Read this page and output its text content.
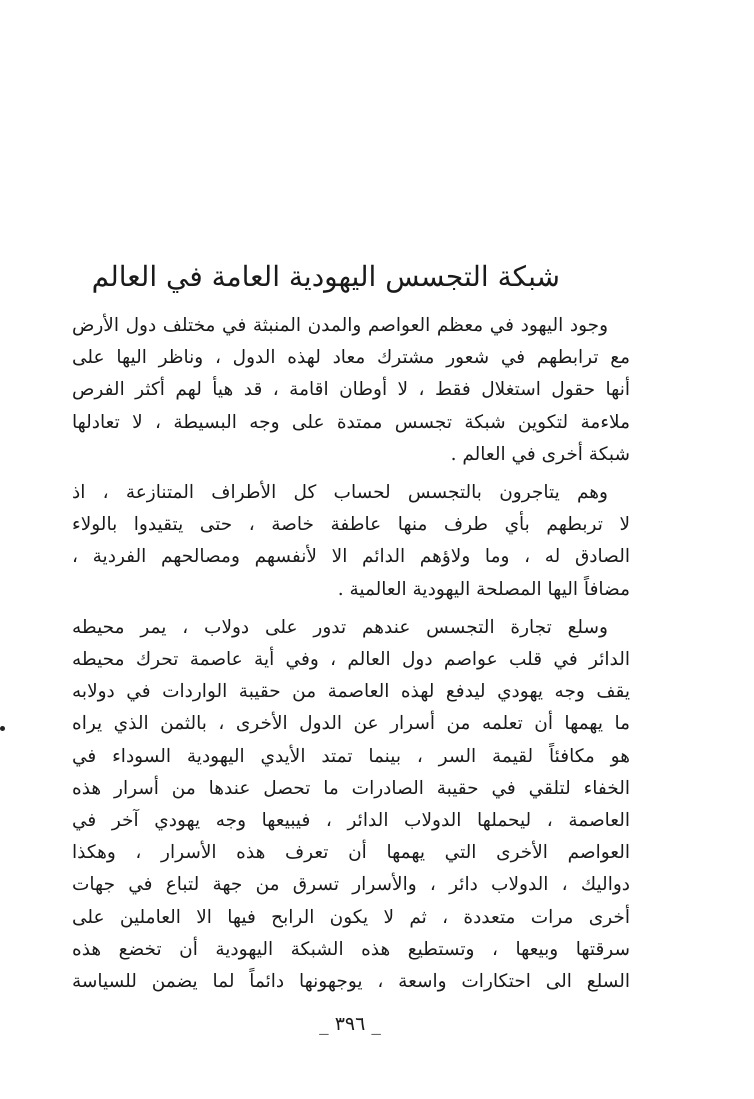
شبكة التجسس اليهودية العامة في العالم

وجود اليهود في معظم العواصم والمدن المنبثة في مختلف دول الأرض
مع ترابطهم في شعور مشترك معاد لهذه الدول ، وناظر اليها على
أنها حقول استغلال فقط ، لا أوطان اقامة ، قد هيأ لهم أكثر الفرص
ملاءمة لتكوين شبكة تجسس ممتدة على وجه البسيطة ، لا تعادلها
شبكة أخرى في العالم .

وهم يتاجرون بالتجسس لحساب كل الأطراف المتنازعة ، اذ
لا تربطهم بأي طرف منها عاطفة خاصة ، حتى يتقيدوا بالولاء
الصادق له ، وما ولاؤهم الدائم الا لأنفسهم ومصالحهم الفردية ،
مضافاً اليها المصلحة اليهودية العالمية .

وسلع تجارة التجسس عندهم تدور على دولاب ، يمر محيطه
الدائر في قلب عواصم دول العالم ، وفي أية عاصمة تحرك محيطه
يقف وجه يهودي ليدفع لهذه العاصمة من حقيبة الواردات في دولابه
ما يهمها أن تعلمه من أسرار عن الدول الأخرى ، بالثمن الذي يراه
هو مكافئاً لقيمة السر ، بينما تمتد الأيدي اليهودية السوداء في
الخفاء لتلقي في حقيبة الصادرات ما تحصل عندها من أسرار هذه
العاصمة ، ليحملها الدولاب الدائر ، فيبيعها وجه يهودي آخر في
العواصم الأخرى التي يهمها أن تعرف هذه الأسرار ، وهكذا
دواليك ، الدولاب دائر ، والأسرار تسرق من جهة لتباع في جهات
أخرى مرات متعددة ، ثم لا يكون الرابح فيها الا العاملين على
سرقتها وبيعها ، وتستطيع هذه الشبكة اليهودية أن تخضع هذه
السلع الى احتكارات واسعة ، يوجهونها دائماً لما يضمن للسياسة

_ ٣٩٦ _
